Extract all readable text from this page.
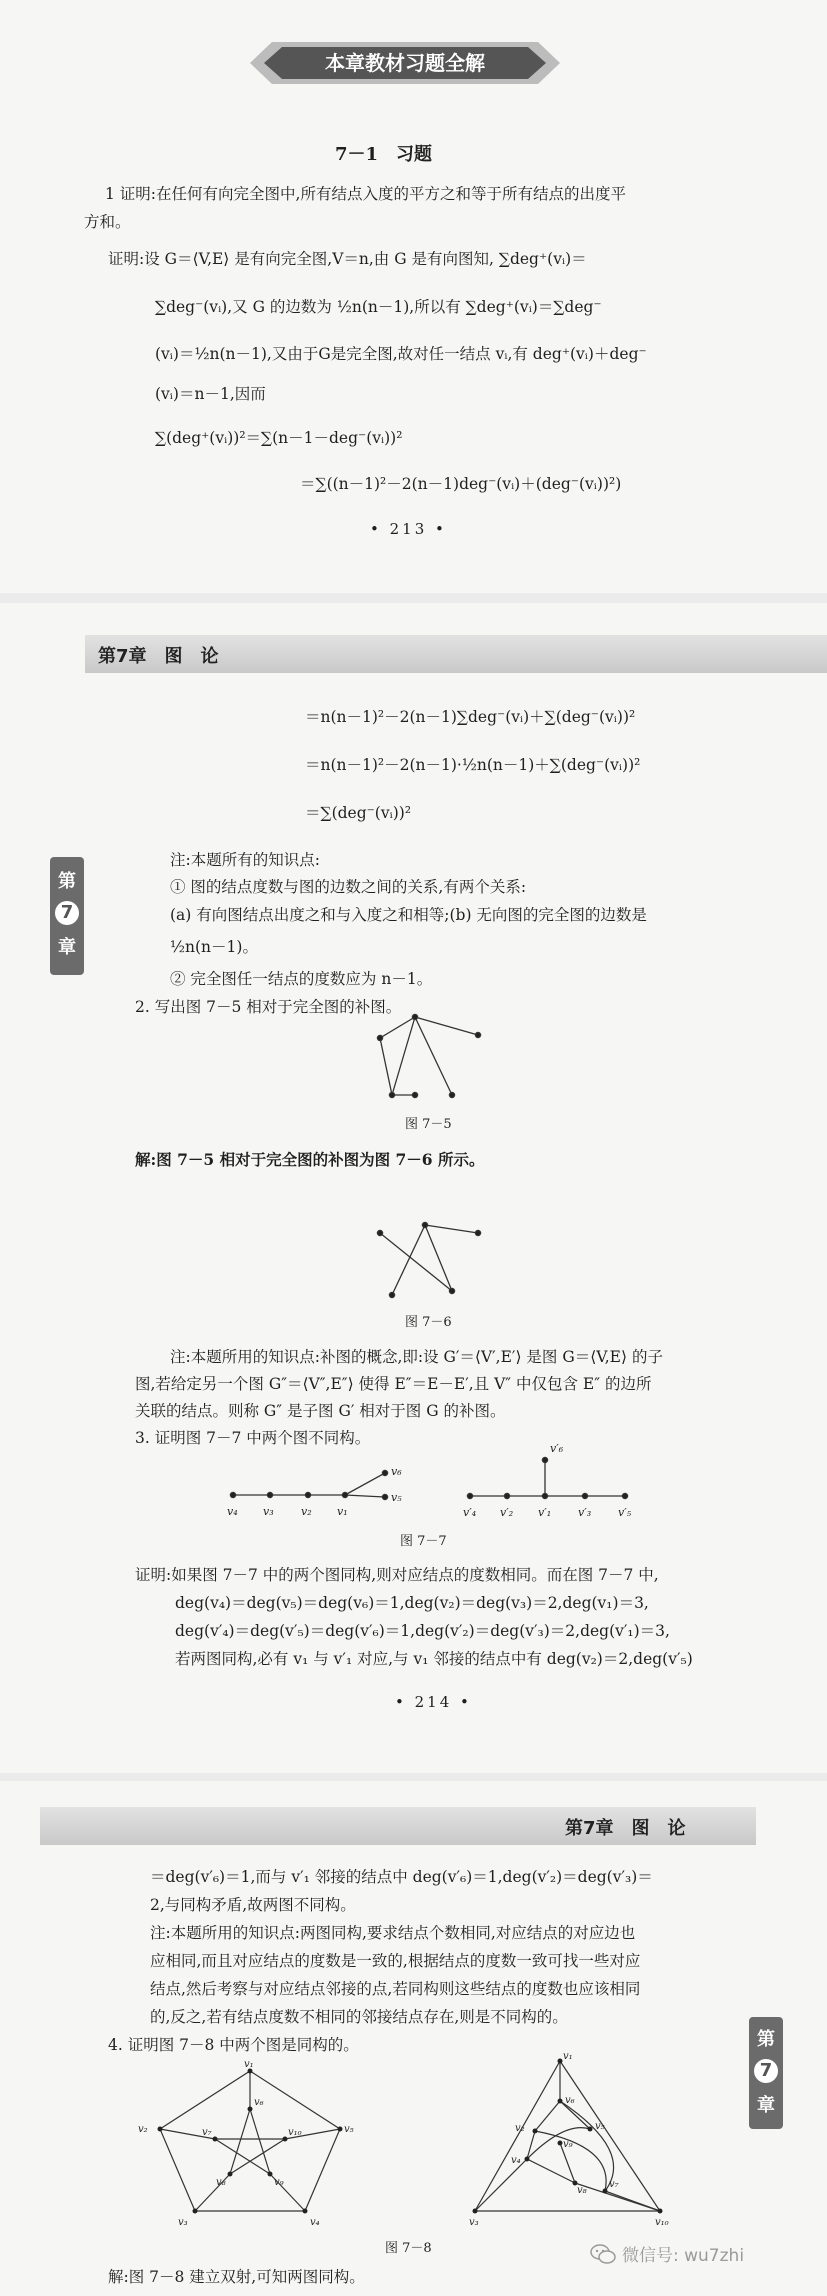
本章教材习题全解
7－1　习题
1 证明:在任何有向完全图中,所有结点入度的平方之和等于所有结点的出度平
方和。
证明:设 G＝⟨V,E⟩ 是有向完全图,V＝n,由 G 是有向图知, ∑deg⁺(vᵢ)＝
∑deg⁻(vᵢ),又 G 的边数为 ½n(n－1),所以有 ∑deg⁺(vᵢ)＝∑deg⁻
(vᵢ)＝½n(n－1),又由于G是完全图,故对任一结点 vᵢ,有 deg⁺(vᵢ)＋deg⁻
(vᵢ)＝n－1,因而
∑(deg⁺(vᵢ))²＝∑(n－1－deg⁻(vᵢ))²
＝∑((n－1)²－2(n－1)deg⁻(vᵢ)＋(deg⁻(vᵢ))²)
• 213 •
第7章　图　论
第
7
章
＝n(n－1)²－2(n－1)∑deg⁻(vᵢ)＋∑(deg⁻(vᵢ))²
＝n(n－1)²－2(n－1)·½n(n－1)＋∑(deg⁻(vᵢ))²
＝∑(deg⁻(vᵢ))²
注:本题所有的知识点:
① 图的结点度数与图的边数之间的关系,有两个关系:
(a) 有向图结点出度之和与入度之和相等;(b) 无向图的完全图的边数是
½n(n－1)。
② 完全图任一结点的度数应为 n－1。
2. 写出图 7－5 相对于完全图的补图。
图 7－5
解:图 7－5 相对于完全图的补图为图 7－6 所示。
图 7－6
注:本题所用的知识点:补图的概念,即:设 G′＝⟨V′,E′⟩ 是图 G＝⟨V,E⟩ 的子
图,若给定另一个图 G″＝⟨V″,E″⟩ 使得 E″＝E－E′,且 V″ 中仅包含 E″ 的边所
关联的结点。则称 G″ 是子图 G′ 相对于图 G 的补图。
3. 证明图 7－7 中两个图不同构。
v₄ v₃ v₂ v₁
v₆
v₅
v′₄ v′₂ v′₁
v′₆
v′₃ v′₅
图 7－7
证明:如果图 7－7 中的两个图同构,则对应结点的度数相同。而在图 7－7 中,
deg(v₄)＝deg(v₅)＝deg(v₆)＝1,deg(v₂)＝deg(v₃)＝2,deg(v₁)＝3,
deg(v′₄)＝deg(v′₅)＝deg(v′₆)＝1,deg(v′₂)＝deg(v′₃)＝2,deg(v′₁)＝3,
若两图同构,必有 v₁ 与 v′₁ 对应,与 v₁ 邻接的结点中有 deg(v₂)＝2,deg(v′₅)
• 214 •
第7章　图　论
第
7
章
＝deg(v′₆)＝1,而与 v′₁ 邻接的结点中 deg(v′₆)＝1,deg(v′₂)＝deg(v′₃)＝
2,与同构矛盾,故两图不同构。
注:本题所用的知识点:两图同构,要求结点个数相同,对应结点的对应边也
应相同,而且对应结点的度数是一致的,根据结点的度数一致可找一些对应
结点,然后考察与对应结点邻接的点,若同构则这些结点的度数也应该相同
的,反之,若有结点度数不相同的邻接结点存在,则是不同构的。
4. 证明图 7－8 中两个图是同构的。
v₁
v₆
v₂	v₇	v₁₀	v₅
v₈	v₉
v₃	v₄
v₁
v₆
v₂
v₉
v₅
v₈
v₇
v₄
v₃	v₁₀
图 7－8
解:图 7－8 建立双射,可知两图同构。
微信号: wu7zhi
